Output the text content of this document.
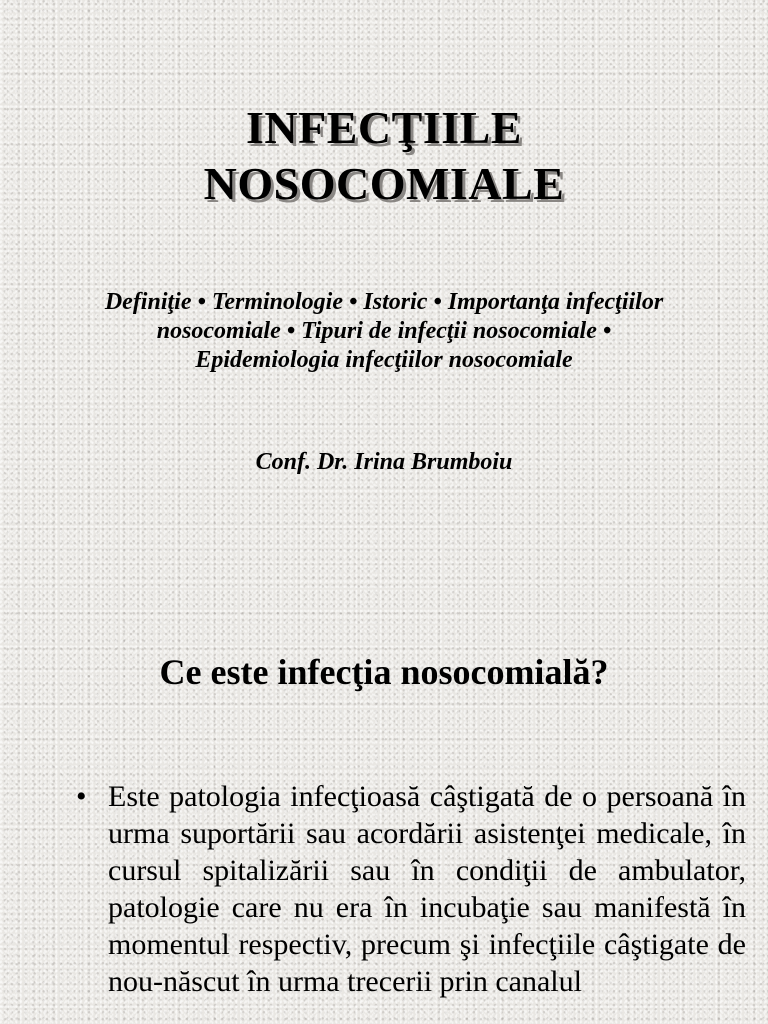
INFECŢIILE
NOSOCOMIALE

Definiţie • Terminologie • Istoric • Importanţa infecţiilor nosocomiale • Tipuri de infecţii nosocomiale • Epidemiologia infecţiilor nosocomiale

Conf. Dr. Irina Brumboiu

Ce este infecţia nosocomială?
• Este patologia infecţioasă câştigată de o persoană în urma suportării sau acordării asistenţei medicale, în cursul spitalizării sau în condiţii de ambulator, patologie care nu era în incubaţie sau manifestă în momentul respectiv, precum şi infecţiile câştigate de nou-născut în urma trecerii prin canalul
